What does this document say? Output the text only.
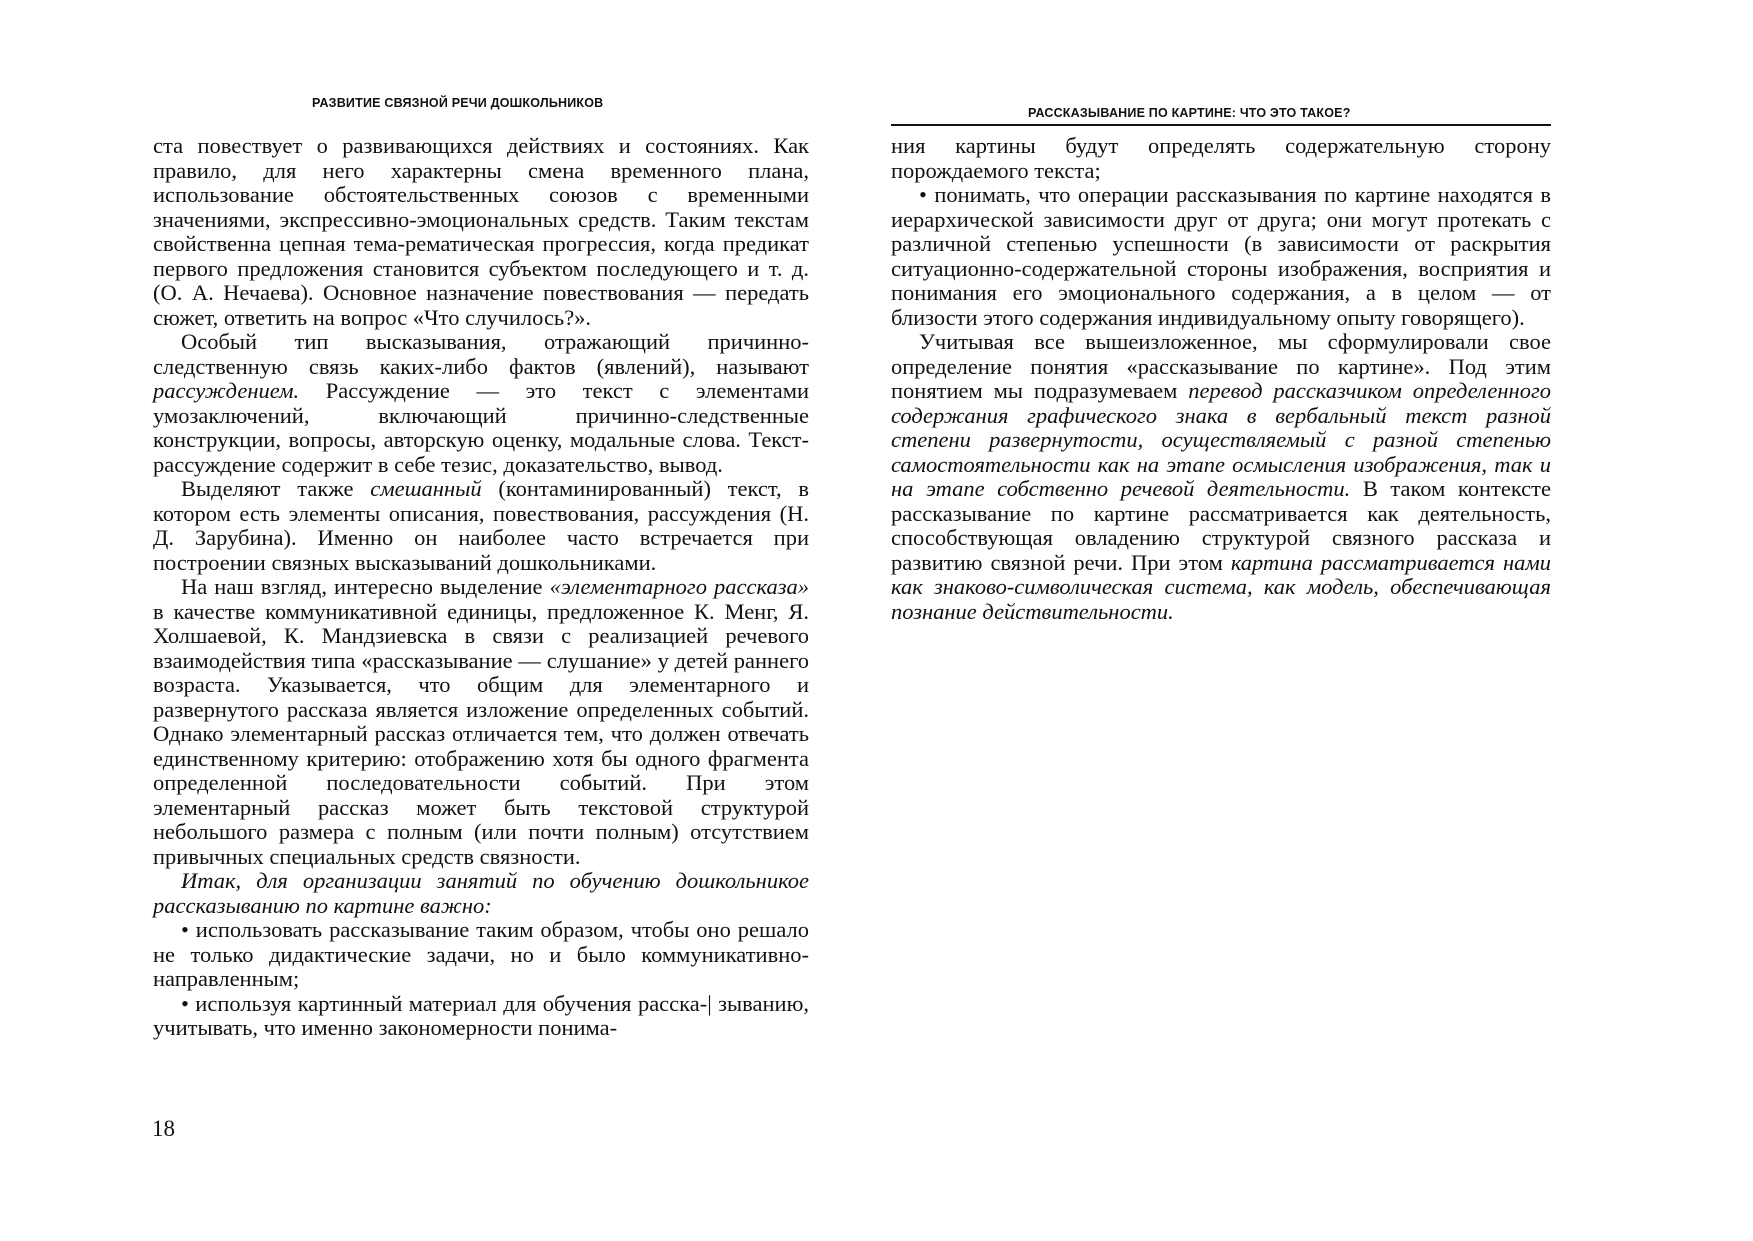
РАЗВИТИЕ СВЯЗНОЙ РЕЧИ ДОШКОЛЬНИКОВ

ста повествует о развивающихся действиях и состояниях. Как правило, для него характерны смена временного плана, использование обстоятельственных союзов с временными значениями, экспрессивно-эмоциональных средств. Таким текстам свойственна цепная тема-рематическая прогрессия, когда предикат первого предложения становится субъектом последующего и т. д. (О. А. Нечаева). Основное назначение повествования — передать сюжет, ответить на вопрос «Что случилось?».

Особый тип высказывания, отражающий причинно-следственную связь каких-либо фактов (явлений), называют рассуждением. Рассуждение — это текст с элементами умозаключений, включающий причинно-следственные конструкции, вопросы, авторскую оценку, модальные слова. Текст-рассуждение содержит в себе тезис, доказательство, вывод.

Выделяют также смешанный (контаминированный) текст, в котором есть элементы описания, повествования, рассуждения (Н. Д. Зарубина). Именно он наиболее часто встречается при построении связных высказываний дошкольниками.

На наш взгляд, интересно выделение «элементарного рассказа» в качестве коммуникативной единицы, предложенное К. Менг, Я. Холшаевой, К. Мандзиевска в связи с реализацией речевого взаимодействия типа «рассказывание — слушание» у детей раннего возраста. Указывается, что общим для элементарного и развернутого рассказа является изложение определенных событий. Однако элементарный рассказ отличается тем, что должен отвечать единственному критерию: отображению хотя бы одного фрагмента определенной последовательности событий. При этом элементарный рассказ может быть текстовой структурой небольшого размера с полным (или почти полным) отсутствием привычных специальных средств связности.

Итак, для организации занятий по обучению дошкольникое рассказыванию по картине важно:

• использовать рассказывание таким образом, чтобы оно решало не только дидактические задачи, но и было коммуникативно-направленным;

• используя картинный материал для обучения расска-| зыванию, учитывать, что именно закономерности понима-

18
РАССКАЗЫВАНИЕ ПО КАРТИНЕ: ЧТО ЭТО ТАКОЕ?

ния картины будут определять содержательную сторону порождаемого текста;

• понимать, что операции рассказывания по картине находятся в иерархической зависимости друг от друга; они могут протекать с различной степенью успешности (в зависимости от раскрытия ситуационно-содержательной стороны изображения, восприятия и понимания его эмоционального содержания, а в целом — от близости этого содержания индивидуальному опыту говорящего).

Учитывая все вышеизложенное, мы сформулировали свое определение понятия «рассказывание по картине». Под этим понятием мы подразумеваем перевод рассказчиком определенного содержания графического знака в вербальный текст разной степени развернутости, осуществляемый с разной степенью самостоятельности как на этапе осмысления изображения, так и на этапе собственно речевой деятельности. В таком контексте рассказывание по картине рассматривается как деятельность, способствующая овладению структурой связного рассказа и развитию связной речи. При этом картина рассматривается нами как знаково-символическая система, как модель, обеспечивающая познание действительности.
